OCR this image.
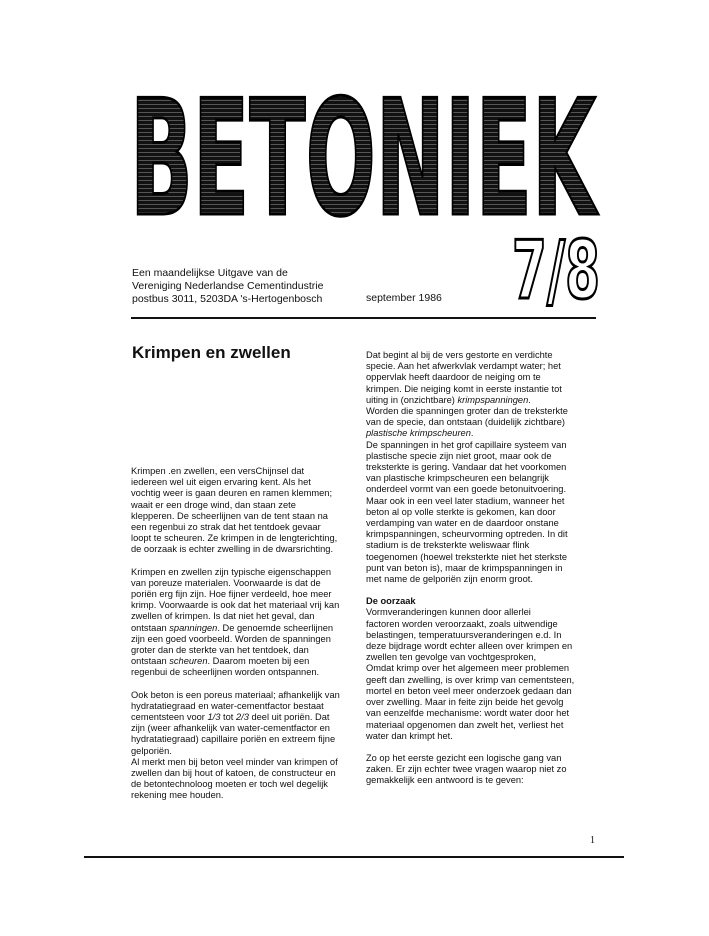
BETONIEK
7/8
Een maandelijkse Uitgave van de
Vereniging Nederlandse Cementindustrie
postbus 3011, 5203DA 's-Hertogenbosch	september 1986
Krimpen en zwellen

Krimpen .en zwellen, een versChijnsel dat
iedereen wel uit eigen ervaring kent. Als het
vochtig weer is gaan deuren en ramen klemmen;
waait er een droge wind, dan staan zete
klepperen. De scheerlijnen van de tent staan na
een regenbui zo strak dat het tentdoek gevaar
loopt te scheuren. Ze krimpen in de lengterichting,
de oorzaak is echter zwelling in de dwarsrichting.

Krimpen en zwellen zijn typische eigenschappen
van poreuze materialen. Voorwaarde is dat de
poriën erg fijn zijn. Hoe fijner verdeeld, hoe meer
krimp. Voorwaarde is ook dat het materiaal vrij kan
zwellen of krimpen. Is dat niet het geval, dan
ontstaan spanningen. De genoemde scheerlijnen
zijn een goed voorbeeld. Worden de spanningen
groter dan de sterkte van het tentdoek, dan
ontstaan scheuren. Daarom moeten bij een
regenbui de scheerlijnen worden ontspannen.

Ook beton is een poreus materiaal; afhankelijk van
hydratatiegraad en water-cementfactor bestaat
cementsteen voor 1/3 tot 2/3 deel uit poriën. Dat
zijn (weer afhankelijk van water-cementfactor en
hydratatiegraad) capillaire poriën en extreem fijne
gelporiën.
Al merkt men bij beton veel minder van krimpen of
zwellen dan bij hout of katoen, de constructeur en
de betontechnoloog moeten er toch wel degelijk
rekening mee houden.

Dat begint al bij de vers gestorte en verdichte
specie. Aan het afwerkvlak verdampt water; het
oppervlak heeft daardoor de neiging om te
krimpen. Die neiging komt in eerste instantie tot
uiting in (onzichtbare) krimpspanningen.
Worden die spanningen groter dan de treksterkte
van de specie, dan ontstaan (duidelijk zichtbare)
plastische krimpscheuren.
De spanningen in het grof capillaire systeem van
plastische specie zijn niet groot, maar ook de
treksterkte is gering. Vandaar dat het voorkomen
van plastische krimpscheuren een belangrijk
onderdeel vormt van een goede betonuitvoering.
Maar ook in een veel later stadium, wanneer het
beton al op volle sterkte is gekomen, kan door
verdamping van water en de daardoor onstane
krimpspanningen, scheurvorming optreden. In dit
stadium is de treksterkte weliswaar flink
toegenomen (hoewel treksterkte niet het sterkste
punt van beton is), maar de krimpspanningen in
met name de gelporiën zijn enorm groot.

De oorzaak

Vormveranderingen kunnen door allerlei
factoren worden veroorzaakt, zoals uitwendige
belastingen, temperatuursveranderingen e.d. In
deze bijdrage wordt echter alleen over krimpen en
zwellen ten gevolge van vochtgesproken,
Omdat krimp over het algemeen meer problemen
geeft dan zwelling, is over krimp van cementsteen,
mortel en beton veel meer onderzoek gedaan dan
over zwelling. Maar in feite zijn beide het gevolg
van eenzelfde mechanisme: wordt water door het
materiaal opgenomen dan zwelt het, verliest het
water dan krimpt het.

Zo op het eerste gezicht een logische gang van
zaken. Er zijn echter twee vragen waarop niet zo
gemakkelijk een antwoord is te geven:

1
